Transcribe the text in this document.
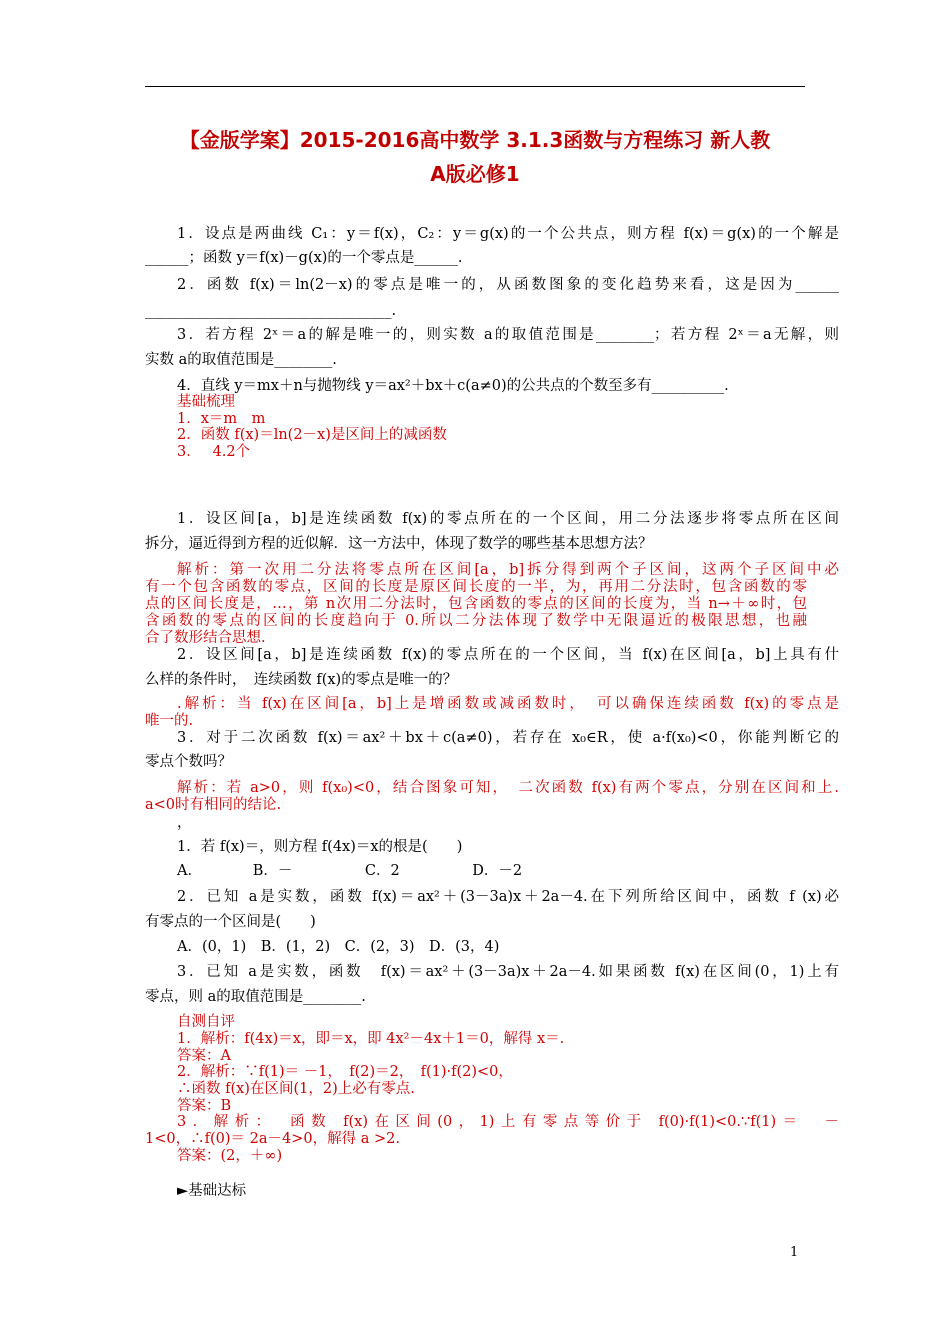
【金版学案】2015-2016高中数学 3.1.3函数与方程练习 新人教
A版必修1
1．设点是两曲线 C₁：y＝f(x)，C₂：y＝g(x)的一个公共点，则方程 f(x)＝g(x)的一个解是
______；函数 y＝f(x)－g(x)的一个零点是______.
2．函数 f(x)＝ln(2－x)的零点是唯一的，从函数图象的变化趋势来看，这是因为______
__________________________________.
3．若方程 2ˣ＝a的解是唯一的，则实数 a的取值范围是________；若方程 2ˣ＝a无解，则
实数 a的取值范围是________.
4．直线 y＝mx＋n与抛物线 y＝ax²＋bx＋c(a≠0)的公共点的个数至多有__________.
基础梳理
1．x＝m　m
2．函数 f(x)＝ln(2－x)是区间上的减函数
3．　 4.2个
1．设区间[a，b]是连续函数 f(x)的零点所在的一个区间，用二分法逐步将零点所在区间
拆分，逼近得到方程的近似解．这一方法中，体现了数学的哪些基本思想方法？
解析：第一次用二分法将零点所在区间[a，b]拆分得到两个子区间，这两个子区间中必
有一个包含函数的零点，区间的长度是原区间长度的一半，为，再用二分法时，包含函数的零
点的区间长度是，…，第 n次用二分法时，包含函数的零点的区间的长度为，当 n→＋∞时，包
含函数的零点的区间的长度趋向于 0.所以二分法体现了数学中无限逼近的极限思想，也融
合了数形结合思想.
2．设区间[a，b]是连续函数 f(x)的零点所在的一个区间，当 f(x)在区间[a，b]上具有什
么样的条件时，　连续函数 f(x)的零点是唯一的？
.解析：当 f(x)在区间[a，b]上是增函数或减函数时，　可以确保连续函数 f(x)的零点是
唯一的.
3．对于二次函数 f(x)＝ax²＋bx＋c(a≠0)，若存在 x₀∈R，使 a·f(x₀)<0，你能判断它的
零点个数吗？
解析：若 a>0，则 f(x₀)<0，结合图象可知，　二次函数 f(x)有两个零点，分别在区间和上.
a<0时有相同的结论.
，
1．若 f(x)＝，则方程 f(4x)＝x的根是(　　)
A．　　　　B．－　　　　　C．2　　　　　D．－2
2．已知 a是实数，函数 f(x)＝ax²＋(3－3a)x＋2a－4.在下列所给区间中，函数 f (x)必
有零点的一个区间是(　　)
A．(0，1)　B．(1，2)　C．(2，3)　D．(3，4)
3．已知 a是实数，函数　f(x)＝ax²＋(3－3a)x＋2a－4.如果函数 f(x)在区间(0，1)上有
零点，则 a的取值范围是________.
自测自评
1．解析：f(4x)＝x，即＝x，即 4x²－4x＋1＝0，解得 x＝.
答案：A
2．解析：∵f(1)＝ －1，　f(2)＝2，　f(1)·f(2)<0，
∴函数 f(x)在区间(1，2)上必有零点.
答案：B
3．解析：　函数 f(x)在区间(0，1)上有零点等价于 f(0)·f(1)<0.∵f(1)＝　－
1<0，∴f(0)＝ 2a－4>0，解得 a >2.
答案：(2，＋∞)
►基础达标
1
